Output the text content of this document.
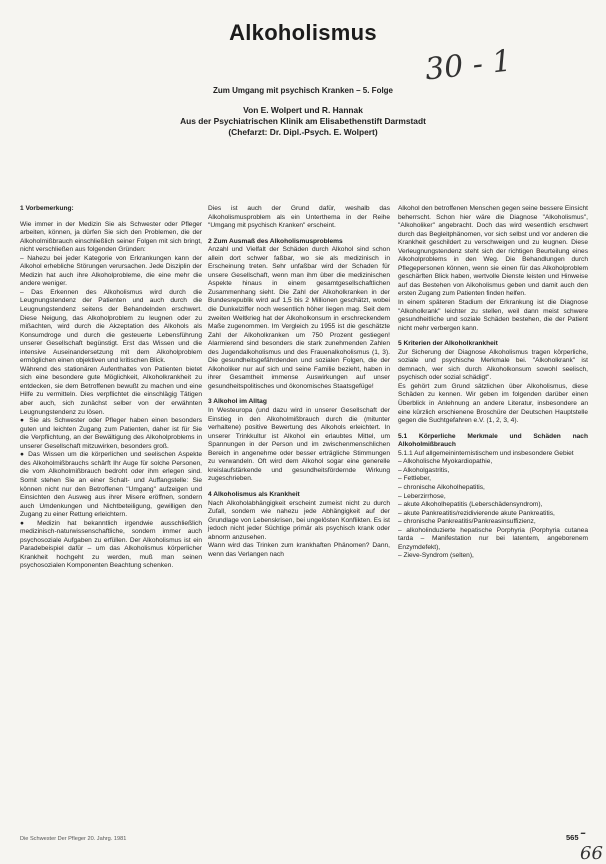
Alkoholismus
30 - 1
Zum Umgang mit psychisch Kranken – 5. Folge
Von E. Wolpert und R. Hannak
Aus der Psychiatrischen Klinik am Elisabethenstift Darmstadt
(Chefarzt: Dr. Dipl.-Psych. E. Wolpert)

1 Vorbemerkung:

Wie immer in der Medizin Sie als Schwester oder Pfleger arbeiten, können, ja dürfen Sie sich den Problemen, die der Alkoholmißbrauch einschließlich seiner Folgen mit sich bringt, nicht verschließen aus folgenden Gründen:

– Nahezu bei jeder Kategorie von Erkrankungen kann der Alkohol erhebliche Störungen verursachen. Jede Disziplin der Medizin hat auch ihre Alkoholprobleme, die eine mehr die andere weniger.

– Das Erkennen des Alkoholismus wird durch die Leugnungstendenz der Patienten und auch durch die Leugnungstendenz seitens der Behandelnden erschwert. Diese Neigung, das Alkoholproblem zu leugnen oder zu mißachten, wird durch die Akzeptation des Alkohols als Konsumdroge und durch die gesteuerte Lebensführung unserer Gesellschaft begünstigt. Erst das Wissen und die intensive Auseinandersetzung mit dem Alkoholproblem ermöglichen einen objektiven und kritischen Blick.

Während des stationären Aufenthaltes von Patienten bietet sich eine besondere gute Möglichkeit, Alkoholkrankheit zu entdecken, sie dem Betroffenen bewußt zu machen und eine Hilfe zu vermitteln. Dies verpflichtet die einschlägig Tätigen aber auch, sich zunächst selber von der erwähnten Leugnungstendenz zu lösen.

● Sie als Schwester oder Pfleger haben einen besonders guten und leichten Zugang zum Patienten, daher ist für Sie die Verpflichtung, an der Bewältigung des Alkoholproblems in unserer Gesellschaft mitzuwirken, besonders groß.

● Das Wissen um die körperlichen und seelischen Aspekte des Alkoholmißbrauchs schärft Ihr Auge für solche Personen, die vom Alkoholmißbrauch bedroht oder ihm erlegen sind. Somit stehen Sie an einer Schalt- und Auffangstelle: Sie können nicht nur den Betroffenen "Umgang" aufzeigen und Einsichten den Ausweg aus ihrer Misere eröffnen, sondern auch Umdenkungen und Nichtbeteiligung, gewilligen den Zugang zu einer Rettung erleichtern.

● Medizin hat bekanntlich irgendwie ausschließlich medizinisch-naturwissenschaftliche, sondern immer auch psychosoziale Aufgaben zu erfüllen. Der Alkoholismus ist ein Paradebeispiel dafür – um das Alkoholismus körperlicher Krankheit hochgeht zu werden, muß man seinen psychosozialen Komponenten Beachtung schenken.

Dies ist auch der Grund dafür, weshalb das Alkoholismusproblem als ein Unterthema in der Reihe "Umgang mit psychisch Kranken" erscheint.

2 Zum Ausmaß des Alkoholismusproblems

Anzahl und Vielfalt der Schäden durch Alkohol sind schon allein dort schwer faßbar, wo sie als medizinisch in Erscheinung treten. Sehr unfaßbar wird der Schaden für unsere Gesellschaft, wenn man ihm über die medizinischen Aspekte hinaus in einem gesamtgesellschaftlichen Zusammenhang sieht. Die Zahl der Alkoholkranken in der Bundesrepublik wird auf 1,5 bis 2 Millionen geschätzt, wobei die Dunkelziffer noch wesentlich höher liegen mag. Seit dem zweiten Weltkrieg hat der Alkoholkonsum in erschreckendem Maße zugenommen. Im Vergleich zu 1955 ist die geschätzte Zahl der Alkoholkranken um 750 Prozent gestiegen! Alarmierend sind besonders die stark zunehmenden Zahlen des Jugendalkoholismus und des Frauenalkoholismus (1, 3). Die gesundheitsgefährdenden und sozialen Folgen, die der Alkoholiker nur auf sich und seine Familie bezieht, haben in ihrer Gesamtheit immense Auswirkungen auf unser gesundheitspolitisches und ökonomisches Staatsgefüge!

3 Alkohol im Alltag

In Westeuropa (und dazu wird in unserer Gesellschaft der Einstieg in den Alkoholmißbrauch durch die (mitunter verhaltene) positive Bewertung des Alkohols erleichtert. In unserer Trinkkultur ist Alkohol ein erlaubtes Mittel, um Spannungen in der Person und im zwischenmenschlichen Bereich in angenehme oder besser erträgliche Stimmungen zu verwandeln. Oft wird dem Alkohol sogar eine generelle kreislaufstärkende und gesundheitsfördernde Wirkung zugeschrieben.

4 Alkoholismus als Krankheit

Nach Alkoholabhängigkeit erscheint zumeist nicht zu durch Zufall, sondern wie nahezu jede Abhängigkeit auf der Grundlage von Lebenskrisen, bei ungelösten Konflikten. Es ist jedoch nicht jeder Süchtige primär als psychisch krank oder abnorm anzusehen.

Wann wird das Trinken zum krankhaften Phänomen? Dann, wenn das Verlangen nach

Alkohol den betroffenen Menschen gegen seine bessere Einsicht beherrscht. Schon hier wäre die Diagnose "Alkoholismus", "Alkoholiker" angebracht. Doch das wird wesentlich erschwert durch das Begleitphänomen, vor sich selbst und vor anderen die Krankheit geschildert zu verschweigen und zu leugnen. Diese Verleugnungstendenz steht sich der richtigen Beurteilung eines Alkoholproblems in den Weg. Die Behandlungen durch Pflegepersonen können, wenn sie einen für das Alkoholproblem geschärften Blick haben, wertvolle Dienste leisten und Hinweise auf das Bestehen von Alkoholismus geben und damit auch den ersten Zugang zum Patienten finden helfen.

In einem späteren Stadium der Erkrankung ist die Diagnose "Alkoholkrank" leichter zu stellen, weil dann meist schwere gesundheitliche und soziale Schäden bestehen, die der Patient nicht mehr verbergen kann.

5 Kriterien der Alkoholkrankheit

Zur Sicherung der Diagnose Alkoholismus tragen körperliche, soziale und psychische Merkmale bei. "Alkoholkrank" ist demnach, wer sich durch Alkoholkonsum sowohl seelisch, psychisch oder sozial schädigt".

Es gehört zum Grund sätzlichen über Alkoholismus, diese Schäden zu kennen. Wir geben im folgenden darüber einen Überblick in Anlehnung an andere Literatur, insbesondere an eine kürzlich erschienene Broschüre der Deutschen Hauptstelle gegen die Suchtgefahren e.V. (1, 2, 3, 4).

5.1 Körperliche Merkmale und Schäden nach Alkoholmißbrauch

5.1.1 Auf allgemeininternistischem und insbesondere Gebiet

– Alkoholische Myokardiopathie,

– Alkoholgastritis,

– Fettleber,

– chronische Alkoholhepatitis,

– Leberzirrhose,

– akute Alkoholhepatitis (Leberschädensyndrom),

– akute Pankreatitis/rezidivierende akute Pankreatitis,

– chronische Pankreatitis/Pankreasinsuffizienz,

– alkoholinduzierte hepatische Porphyria (Porphyria cutanea tarda – Manifestation nur bei latentem, angeborenem Enzymdefekt),

– Zieve-Syndrom (selten),

Die Schwester Der Pfleger 20. Jahrg. 1981	565 - 66
